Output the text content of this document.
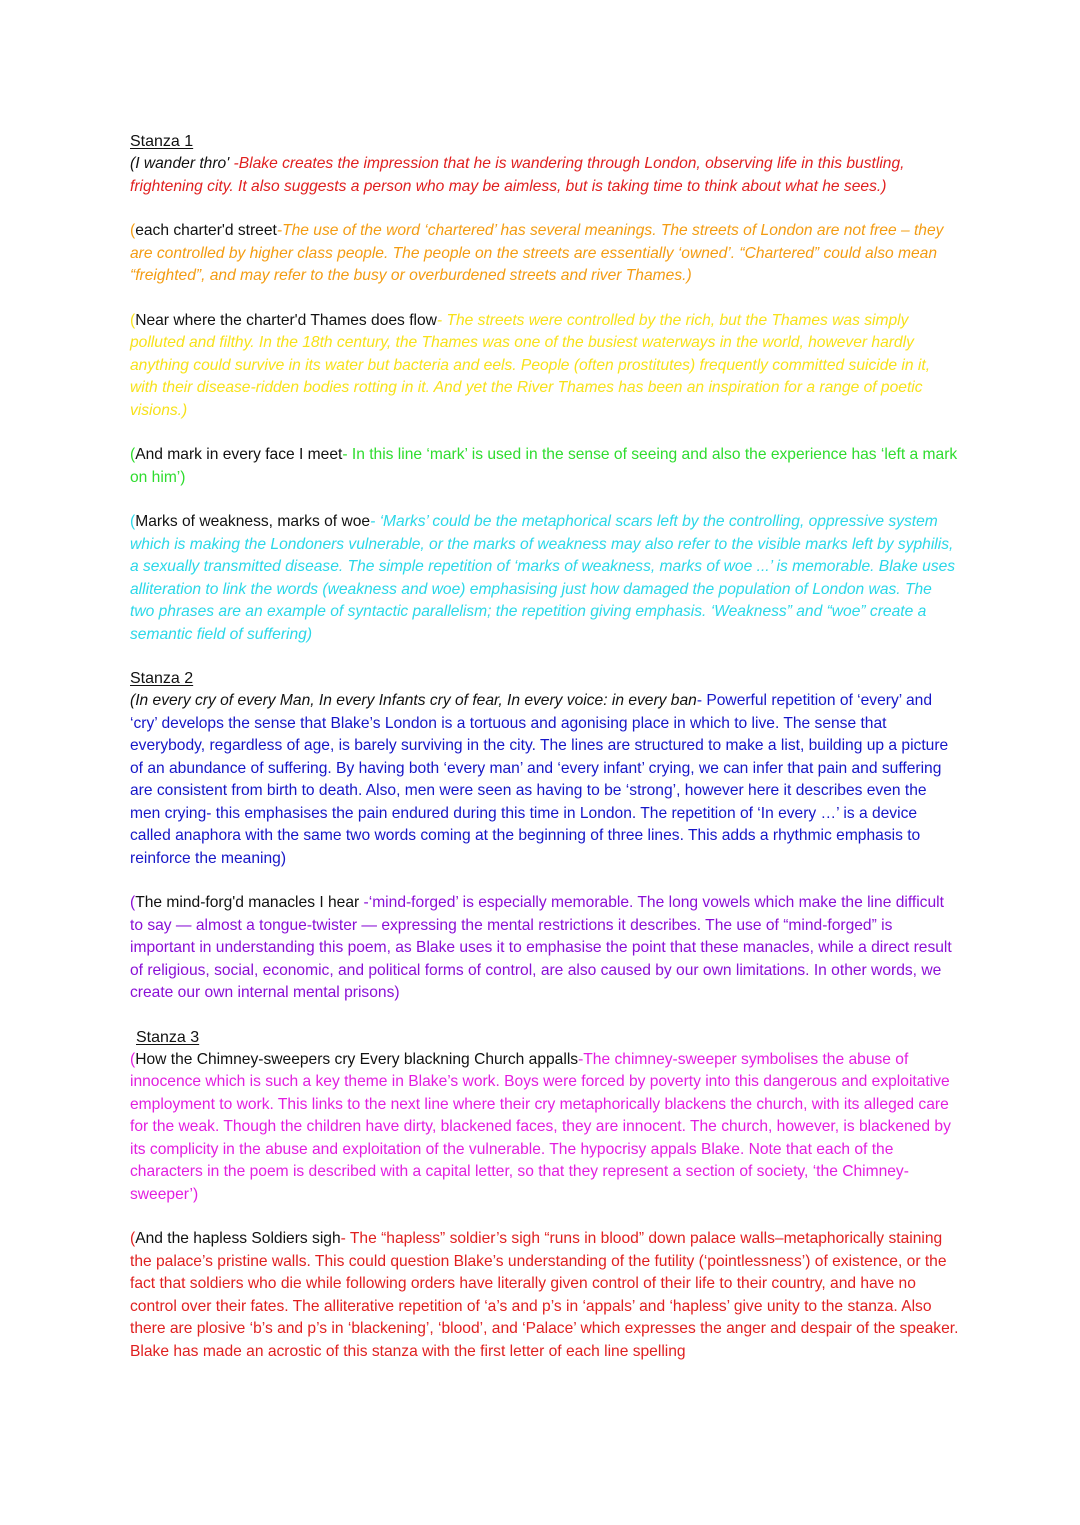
Stanza 1

(I wander thro' -Blake creates the impression that he is wandering through London, observing life in this bustling, frightening city. It also suggests a person who may be aimless, but is taking time to think about what he sees.)

(each charter'd street-The use of the word ‘chartered’ has several meanings. The streets of London are not free – they are controlled by higher class people. The people on the streets are essentially ‘owned’. “Chartered” could also mean “freighted”, and may refer to the busy or overburdened streets and river Thames.)

(Near where the charter'd Thames does flow- The streets were controlled by the rich, but the Thames was simply polluted and filthy. In the 18th century, the Thames was one of the busiest waterways in the world, however hardly anything could survive in its water but bacteria and eels. People (often prostitutes) frequently committed suicide in it, with their disease-ridden bodies rotting in it. And yet the River Thames has been an inspiration for a range of poetic visions.)

(And mark in every face I meet- In this line ‘mark’ is used in the sense of seeing and also the experience has ‘left a mark on him’)

(Marks of weakness, marks of woe- ‘Marks’ could be the metaphorical scars left by the controlling, oppressive system which is making the Londoners vulnerable, or the marks of weakness may also refer to the visible marks left by syphilis, a sexually transmitted disease. The simple repetition of ‘marks of weakness, marks of woe ...’ is memorable. Blake uses alliteration to link the words (weakness and woe) emphasising just how damaged the population of London was. The two phrases are an example of syntactic parallelism; the repetition giving emphasis. ‘Weakness” and “woe” create a semantic field of suffering)

Stanza 2

(In every cry of every Man, In every Infants cry of fear, In every voice: in every ban- Powerful repetition of ‘every’ and ‘cry’ develops the sense that Blake’s London is a tortuous and agonising place in which to live. The sense that everybody, regardless of age, is barely surviving in the city. The lines are structured to make a list, building up a picture of an abundance of suffering. By having both ‘every man’ and ‘every infant’ crying, we can infer that pain and suffering are consistent from birth to death. Also, men were seen as having to be ‘strong’, however here it describes even the men crying- this emphasises the pain endured during this time in London. The repetition of ‘In every …’ is a device called anaphora with the same two words coming at the beginning of three lines. This adds a rhythmic emphasis to reinforce the meaning)

(The mind-forg'd manacles I hear -‘mind-forged’ is especially memorable. The long vowels which make the line difficult to say — almost a tongue-twister — expressing the mental restrictions it describes. The use of “mind-forged” is important in understanding this poem, as Blake uses it to emphasise the point that these manacles, while a direct result of religious, social, economic, and political forms of control, are also caused by our own limitations. In other words, we create our own internal mental prisons)

Stanza 3

(How the Chimney-sweepers cry Every blackning Church appalls-The chimney-sweeper symbolises the abuse of innocence which is such a key theme in Blake’s work. Boys were forced by poverty into this dangerous and exploitative employment to work. This links to the next line where their cry metaphorically blackens the church, with its alleged care for the weak. Though the children have dirty, blackened faces, they are innocent. The church, however, is blackened by its complicity in the abuse and exploitation of the vulnerable. The hypocrisy appals Blake. Note that each of the characters in the poem is described with a capital letter, so that they represent a section of society, ‘the Chimney-sweeper’)

(And the hapless Soldiers sigh- The “hapless” soldier’s sigh “runs in blood” down palace walls–metaphorically staining the palace’s pristine walls. This could question Blake’s understanding of the futility (‘pointlessness’) of existence, or the fact that soldiers who die while following orders have literally given control of their life to their country, and have no control over their fates. The alliterative repetition of ‘a’s and p’s in ‘appals’ and ‘hapless’ give unity to the stanza. Also there are plosive ‘b’s and p’s in ‘blackening’, ‘blood’, and ‘Palace’ which expresses the anger and despair of the speaker. Blake has made an acrostic of this stanza with the first letter of each line spelling
